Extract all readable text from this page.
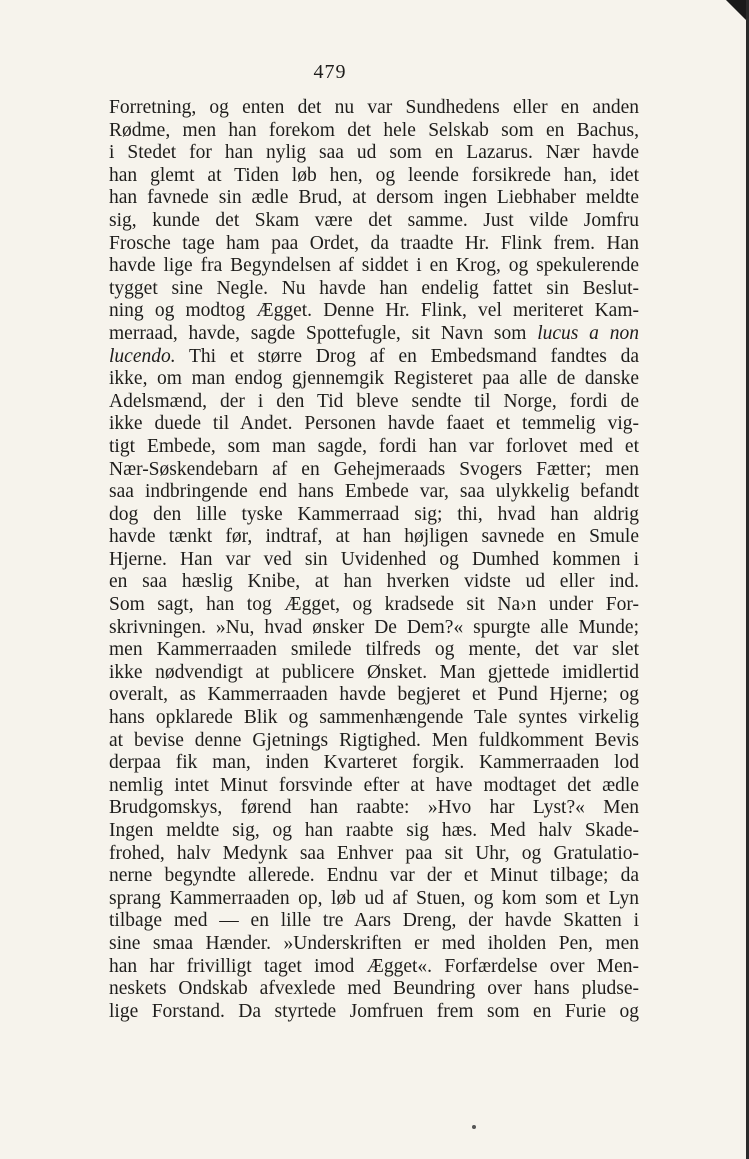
479
Forretning, og enten det nu var Sundhedens eller en anden
Rødme, men han forekom det hele Selskab som en Bachus,
i Stedet for han nylig saa ud som en Lazarus. Nær havde
han glemt at Tiden løb hen, og leende forsikrede han, idet
han favnede sin ædle Brud, at dersom ingen Liebhaber meldte
sig, kunde det Skam være det samme. Just vilde Jomfru
Frosche tage ham paa Ordet, da traadte Hr. Flink frem. Han
havde lige fra Begyndelsen af siddet i en Krog, og spekulerende
tygget sine Negle. Nu havde han endelig fattet sin Beslut-
ning og modtog Ægget. Denne Hr. Flink, vel meriteret Kam-
merraad, havde, sagde Spottefugle, sit Navn som lucus a non
lucendo. Thi et større Drog af en Embedsmand fandtes da
ikke, om man endog gjennemgik Registeret paa alle de danske
Adelsmænd, der i den Tid bleve sendte til Norge, fordi de
ikke duede til Andet. Personen havde faaet et temmelig vig-
tigt Embede, som man sagde, fordi han var forlovet med et
Nær-Søskendebarn af en Gehejmeraads Svogers Fætter; men
saa indbringende end hans Embede var, saa ulykkelig befandt
dog den lille tyske Kammerraad sig; thi, hvad han aldrig
havde tænkt før, indtraf, at han højligen savnede en Smule
Hjerne. Han var ved sin Uvidenhed og Dumhed kommen i
en saa hæslig Knibe, at han hverken vidste ud eller ind.
Som sagt, han tog Ægget, og kradsede sit Na›n under For-
skrivningen. »Nu, hvad ønsker De Dem?« spurgte alle Munde;
men Kammerraaden smilede tilfreds og mente, det var slet
ikke nødvendigt at publicere Ønsket. Man gjettede imidlertid
overalt, as Kammerraaden havde begjeret et Pund Hjerne; og
hans opklarede Blik og sammenhængende Tale syntes virkelig
at bevise denne Gjetnings Rigtighed. Men fuldkomment Bevis
derpaa fik man, inden Kvarteret forgik. Kammerraaden lod
nemlig intet Minut forsvinde efter at have modtaget det ædle
Brudgomskys, førend han raabte: »Hvo har Lyst?« Men
Ingen meldte sig, og han raabte sig hæs. Med halv Skade-
frohed, halv Medynk saa Enhver paa sit Uhr, og Gratulatio-
nerne begyndte allerede. Endnu var der et Minut tilbage; da
sprang Kammerraaden op, løb ud af Stuen, og kom som et Lyn
tilbage med — en lille tre Aars Dreng, der havde Skatten i
sine smaa Hænder. »Underskriften er med iholden Pen, men
han har frivilligt taget imod Ægget«. Forfærdelse over Men-
neskets Ondskab afvexlede med Beundring over hans pludse-
lige Forstand. Da styrtede Jomfruen frem som en Furie og
